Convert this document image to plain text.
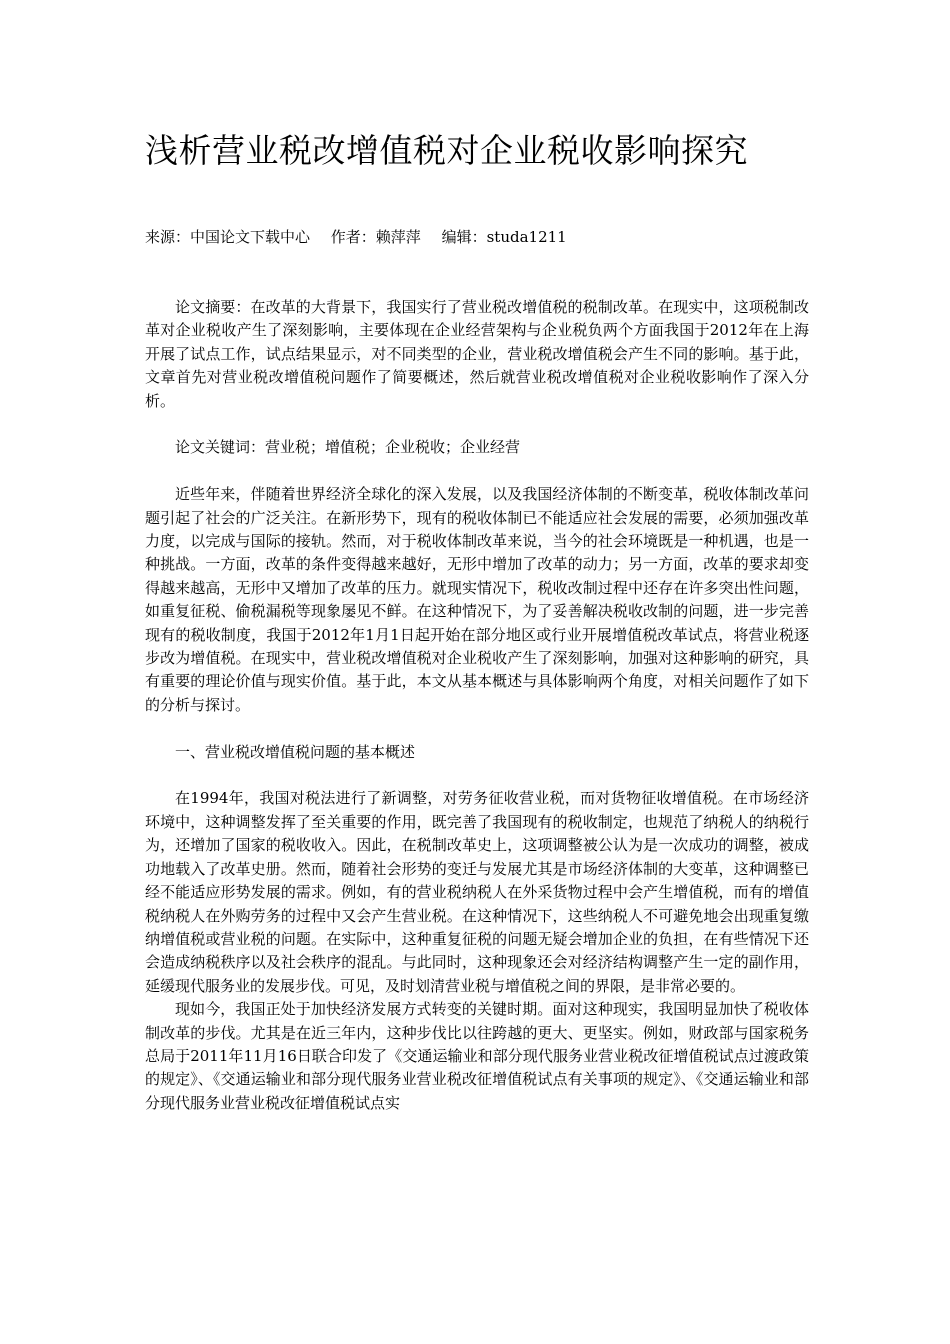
浅析营业税改增值税对企业税收影响探究
来源：中国论文下载中心 作者：赖萍萍 编辑：studa1211

论文摘要：在改革的大背景下，我国实行了营业税改增值税的税制改革。在现实中，这项税制改革对企业税收产生了深刻影响，主要体现在企业经营架构与企业税负两个方面我国于2012年在上海开展了试点工作，试点结果显示，对不同类型的企业，营业税改增值税会产生不同的影响。基于此，文章首先对营业税改增值税问题作了简要概述，然后就营业税改增值税对企业税收影响作了深入分析。

论文关键词：营业税；增值税；企业税收；企业经营

近些年来，伴随着世界经济全球化的深入发展，以及我国经济体制的不断变革，税收体制改革问题引起了社会的广泛关注。在新形势下，现有的税收体制已不能适应社会发展的需要，必须加强改革力度，以完成与国际的接轨。然而，对于税收体制改革来说，当今的社会环境既是一种机遇，也是一种挑战。一方面，改革的条件变得越来越好，无形中增加了改革的动力；另一方面，改革的要求却变得越来越高，无形中又增加了改革的压力。就现实情况下，税收改制过程中还存在许多突出性问题，如重复征税、偷税漏税等现象屡见不鲜。在这种情况下，为了妥善解决税收改制的问题，进一步完善现有的税收制度，我国于2012年1月1日起开始在部分地区或行业开展增值税改革试点，将营业税逐步改为增值税。在现实中，营业税改增值税对企业税收产生了深刻影响，加强对这种影响的研究，具有重要的理论价值与现实价值。基于此，本文从基本概述与具体影响两个角度，对相关问题作了如下的分析与探讨。

一、营业税改增值税问题的基本概述

在1994年，我国对税法进行了新调整，对劳务征收营业税，而对货物征收增值税。在市场经济环境中，这种调整发挥了至关重要的作用，既完善了我国现有的税收制定，也规范了纳税人的纳税行为，还增加了国家的税收收入。因此，在税制改革史上，这项调整被公认为是一次成功的调整，被成功地载入了改革史册。然而，随着社会形势的变迁与发展尤其是市场经济体制的大变革，这种调整已经不能适应形势发展的需求。例如，有的营业税纳税人在外采货物过程中会产生增值税，而有的增值税纳税人在外购劳务的过程中又会产生营业税。在这种情况下，这些纳税人不可避免地会出现重复缴纳增值税或营业税的问题。在实际中，这种重复征税的问题无疑会增加企业的负担，在有些情况下还会造成纳税秩序以及社会秩序的混乱。与此同时，这种现象还会对经济结构调整产生一定的副作用，延缓现代服务业的发展步伐。可见，及时划清营业税与增值税之间的界限，是非常必要的。

现如今，我国正处于加快经济发展方式转变的关键时期。面对这种现实，我国明显加快了税收体制改革的步伐。尤其是在近三年内，这种步伐比以往跨越的更大、更坚实。例如，财政部与国家税务总局于2011年11月16日联合印发了《交通运输业和部分现代服务业营业税改征增值税试点过渡政策的规定》、《交通运输业和部分现代服务业营业税改征增值税试点有关事项的规定》、《交通运输业和部分现代服务业营业税改征增值税试点实
